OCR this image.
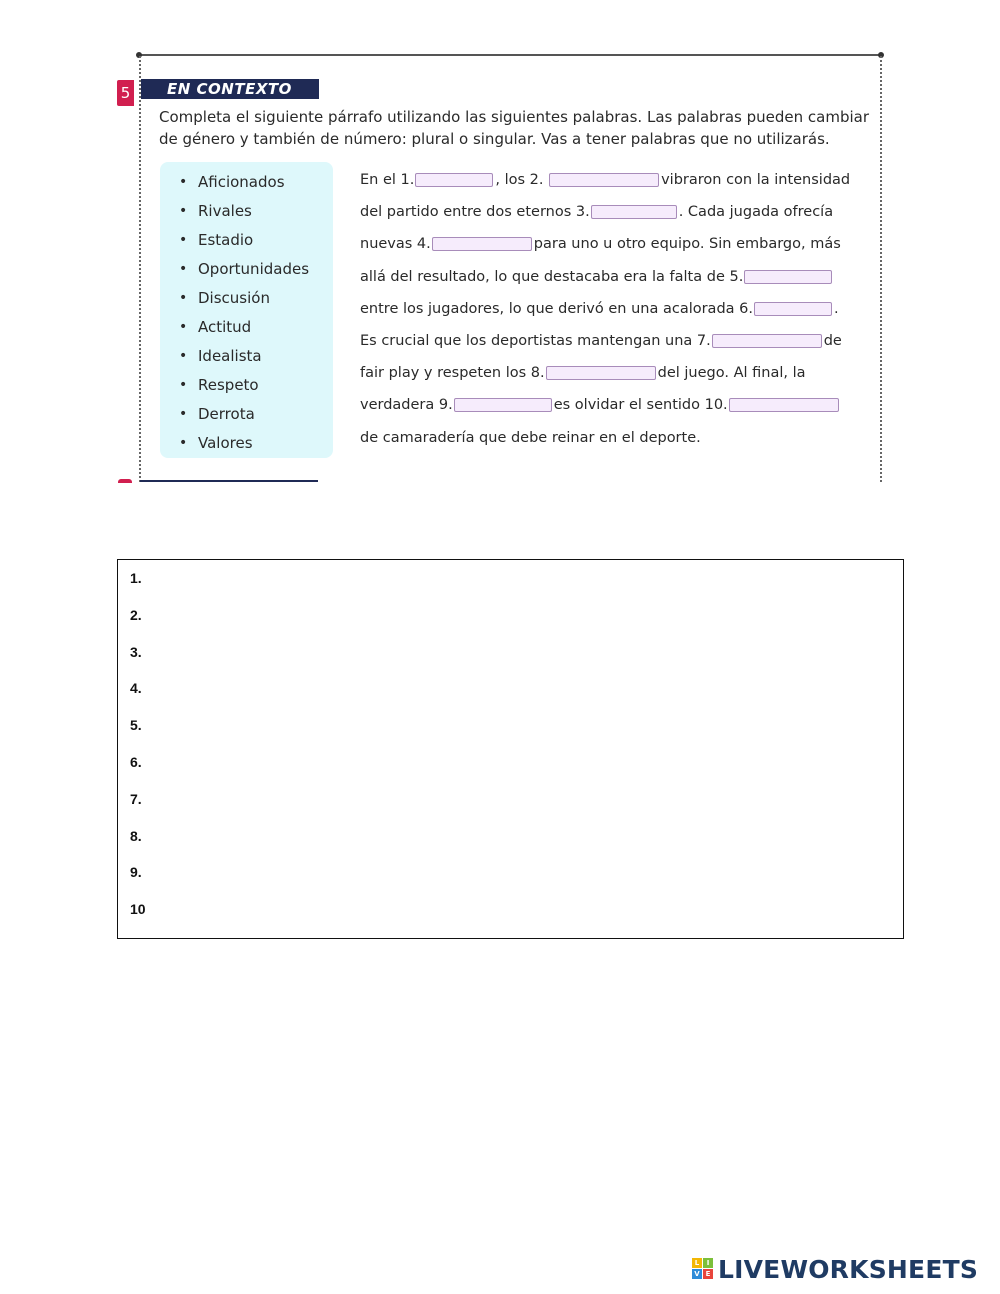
5	EN CONTEXTO
Completa el siguiente párrafo utilizando las siguientes palabras. Las palabras pueden cambiar de género y también de número: plural o singular. Vas a tener palabras que no utilizarás.
• Aficionados
• Rivales
• Estadio
• Oportunidades
• Discusión
• Actitud
• Idealista
• Respeto
• Derrota
• Valores
En el 1.	, los 2.	vibraron con la intensidad
del partido entre dos eternos 3.	. Cada jugada ofrecía
nuevas 4.	para uno u otro equipo. Sin embargo, más
allá del resultado, lo que destacaba era la falta de 5.
entre los jugadores, lo que derivó en una acalorada 6.	.
Es crucial que los deportistas mantengan una 7.	de
fair play y respeten los 8.	del juego. Al final, la
verdadera 9.	es olvidar el sentido 10.
de camaradería que debe reinar en el deporte.
1.
2.
3.
4.
5.
6.
7.
8.
9.
10
L	I
V E LIVEWORKSHEETS
